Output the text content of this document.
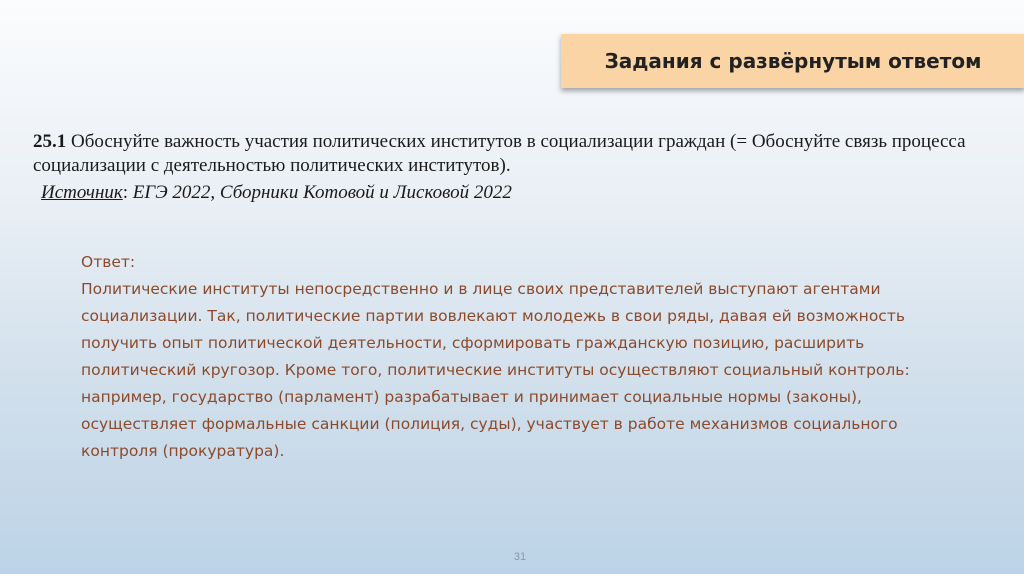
Задания с развёрнутым ответом
25.1 Обоснуйте важность участия политических институтов в социализации граждан (= Обоснуйте связь процесса социализации с деятельностью политических институтов).
Источник: ЕГЭ 2022, Сборники Котовой и Лисковой 2022
Ответ:
Политические институты непосредственно и в лице своих представителей выступают агентами социализации. Так, политические партии вовлекают молодежь в свои ряды, давая ей возможность получить опыт политической деятельности, сформировать гражданскую позицию, расширить политический кругозор. Кроме того, политические институты осуществляют социальный контроль: например, государство (парламент) разрабатывает и принимает социальные нормы (законы), осуществляет формальные санкции (полиция, суды), участвует в работе механизмов социального контроля (прокуратура).
31
